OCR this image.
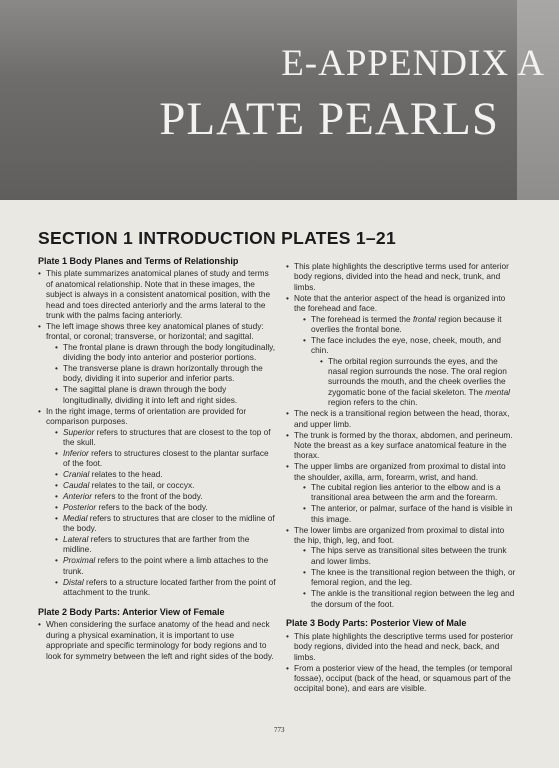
E-APPENDIX A
PLATE PEARLS
SECTION 1 INTRODUCTION PLATES 1–21
Plate 1 Body Planes and Terms of Relationship
• This plate summarizes anatomical planes of study and terms of anatomical relationship. Note that in these images, the subject is always in a consistent anatomical position, with the head and toes directed anteriorly and the arms lateral to the trunk with the palms facing anteriorly.
• The left image shows three key anatomical planes of study: frontal, or coronal; transverse, or horizontal; and sagittal.
• The frontal plane is drawn through the body longitudinally, dividing the body into anterior and posterior portions.
• The transverse plane is drawn horizontally through the body, dividing it into superior and inferior parts.
• The sagittal plane is drawn through the body longitudinally, dividing it into left and right sides.
• In the right image, terms of orientation are provided for comparison purposes.
• Superior refers to structures that are closest to the top of the skull.
• Inferior refers to structures closest to the plantar surface of the foot.
• Cranial relates to the head.
• Caudal relates to the tail, or coccyx.
• Anterior refers to the front of the body.
• Posterior refers to the back of the body.
• Medial refers to structures that are closer to the midline of the body.
• Lateral refers to structures that are farther from the midline.
• Proximal refers to the point where a limb attaches to the trunk.
• Distal refers to a structure located farther from the point of attachment to the trunk.
Plate 2 Body Parts: Anterior View of Female
• When considering the surface anatomy of the head and neck during a physical examination, it is important to use appropriate and specific terminology for body regions and to look for symmetry between the left and right sides of the body.
• This plate highlights the descriptive terms used for anterior body regions, divided into the head and neck, trunk, and limbs.
• Note that the anterior aspect of the head is organized into the forehead and face.
• The forehead is termed the frontal region because it overlies the frontal bone.
• The face includes the eye, nose, cheek, mouth, and chin.
• The orbital region surrounds the eyes, and the nasal region surrounds the nose. The oral region surrounds the mouth, and the cheek overlies the zygomatic bone of the facial skeleton. The mental region refers to the chin.
• The neck is a transitional region between the head, thorax, and upper limb.
• The trunk is formed by the thorax, abdomen, and perineum. Note the breast as a key surface anatomical feature in the thorax.
• The upper limbs are organized from proximal to distal into the shoulder, axilla, arm, forearm, wrist, and hand.
• The cubital region lies anterior to the elbow and is a transitional area between the arm and the forearm.
• The anterior, or palmar, surface of the hand is visible in this image.
• The lower limbs are organized from proximal to distal into the hip, thigh, leg, and foot.
• The hips serve as transitional sites between the trunk and lower limbs.
• The knee is the transitional region between the thigh, or femoral region, and the leg.
• The ankle is the transitional region between the leg and the dorsum of the foot.
Plate 3 Body Parts: Posterior View of Male
• This plate highlights the descriptive terms used for posterior body regions, divided into the head and neck, back, and limbs.
• From a posterior view of the head, the temples (or temporal fossae), occiput (back of the head, or squamous part of the occipital bone), and ears are visible.
773
